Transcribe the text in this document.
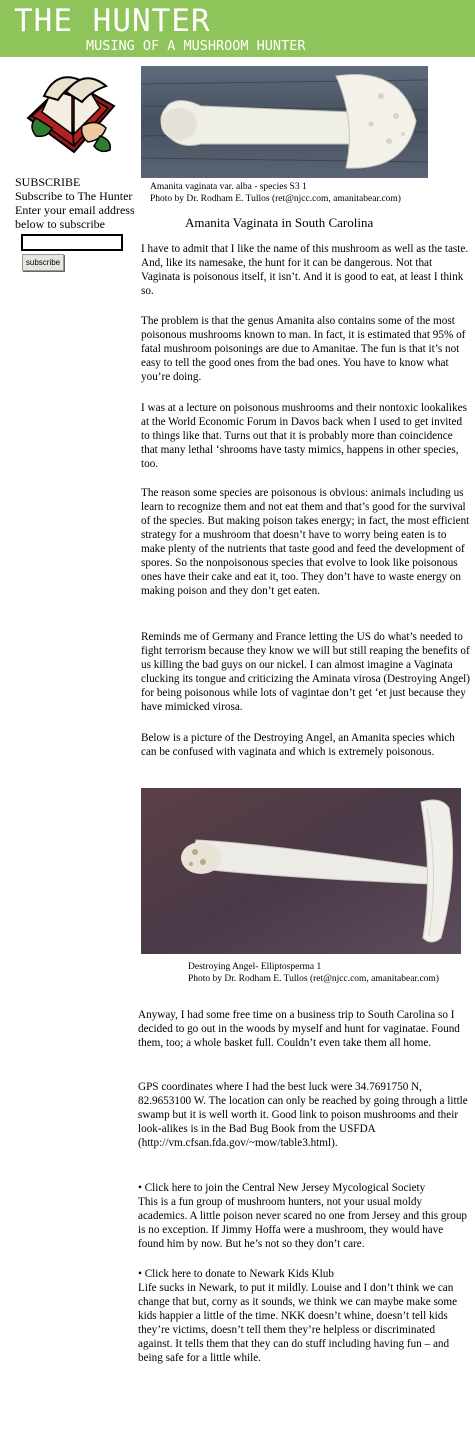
THE HUNTER
MUSING OF A MUSHROOM HUNTER
SUBSCRIBE
Subscribe to The Hunter
Enter your email address
below to subscribe
subscribe
Amanita vaginata var. alba - species S3 1
Photo by Dr. Rodham E. Tullos (ret@njcc.com, amanitabear.com)
Amanita Vaginata in South Carolina

I have to admit that I like the name of this mushroom as well as the taste. And, like its namesake, the hunt for it can be dangerous. Not that Vaginata is poisonous itself, it isn’t. And it is good to eat, at least I think so.

The problem is that the genus Amanita also contains some of the most poisonous mushrooms known to man. In fact, it is estimated that 95% of fatal mushroom poisonings are due to Amanitae. The fun is that it’s not easy to tell the good ones from the bad ones. You have to know what you’re doing.

I was at a lecture on poisonous mushrooms and their nontoxic lookalikes at the World Economic Forum in Davos back when I used to get invited to things like that. Turns out that it is probably more than coincidence that many lethal ‘shrooms have tasty mimics, happens in other species, too.

The reason some species are poisonous is obvious: animals including us learn to recognize them and not eat them and that’s good for the survival of the species. But making poison takes energy; in fact, the most efficient strategy for a mushroom that doesn’t have to worry being eaten is to make plenty of the nutrients that taste good and feed the development of spores. So the nonpoisonous species that evolve to look like poisonous ones have their cake and eat it, too. They don’t have to waste energy on making poison and they don’t get eaten.

Reminds me of Germany and France letting the US do what’s needed to fight terrorism because they know we will but still reaping the benefits of us killing the bad guys on our nickel. I can almost imagine a Vaginata clucking its tongue and criticizing the Aminata virosa (Destroying Angel) for being poisonous while lots of vagintae don’t get ‘et just because they have mimicked virosa.

Below is a picture of the Destroying Angel, an Amanita species which can be confused with vaginata and which is extremely poisonous.

Destroying Angel- Elliptosperma 1
Photo by Dr. Rodham E. Tullos (ret@njcc.com, amanitabear.com)

Anyway, I had some free time on a business trip to South Carolina so I decided to go out in the woods by myself and hunt for vaginatae. Found them, too; a whole basket full. Couldn’t even take them all home.

GPS coordinates where I had the best luck were 34.7691750 N, 82.9653100 W. The location can only be reached by going through a little swamp but it is well worth it. Good link to poison mushrooms and their look-alikes is in the Bad Bug Book from the USFDA (http://vm.cfsan.fda.gov/~mow/table3.html).

• Click here to join the Central New Jersey Mycological Society

This is a fun group of mushroom hunters, not your usual moldy academics. A little poison never scared no one from Jersey and this group is no exception. If Jimmy Hoffa were a mushroom, they would have found him by now. But he’s not so they don’t care.

• Click here to donate to Newark Kids Klub

Life sucks in Newark, to put it mildly. Louise and I don’t think we can change that but, corny as it sounds, we think we can maybe make some kids happier a little of the time. NKK doesn’t whine, doesn’t tell kids they’re victims, doesn’t tell them they’re helpless or discriminated against. It tells them that they can do stuff including having fun – and being safe for a little while.
